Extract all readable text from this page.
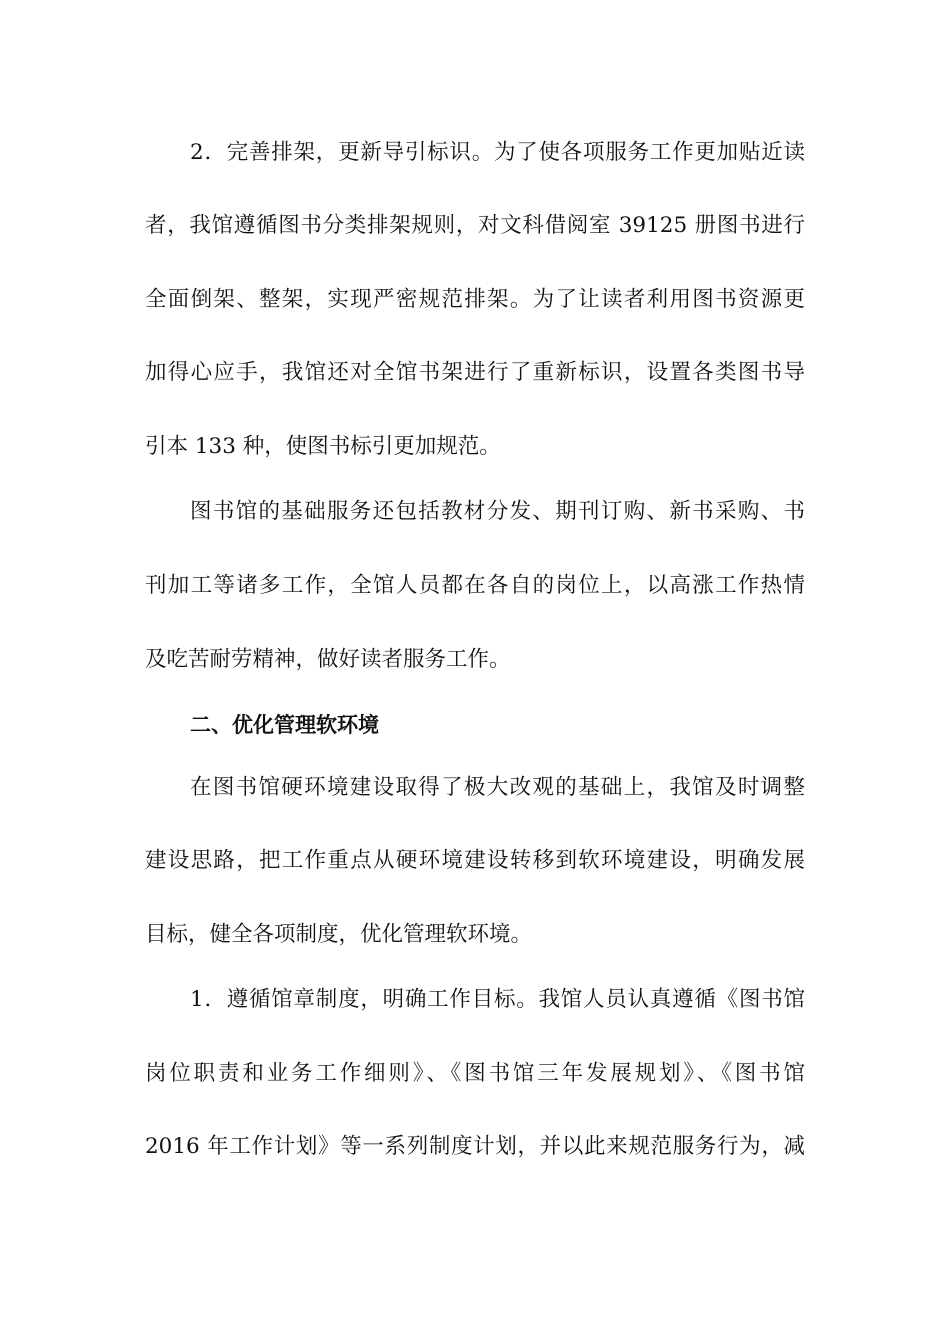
2．完善排架，更新导引标识。为了使各项服务工作更加贴近读
者，我馆遵循图书分类排架规则，对文科借阅室 39125 册图书进行
全面倒架、整架，实现严密规范排架。为了让读者利用图书资源更
加得心应手，我馆还对全馆书架进行了重新标识，设置各类图书导
引本 133 种，使图书标引更加规范。
图书馆的基础服务还包括教材分发、期刊订购、新书采购、书
刊加工等诸多工作，全馆人员都在各自的岗位上，以高涨工作热情
及吃苦耐劳精神，做好读者服务工作。
二、优化管理软环境
在图书馆硬环境建设取得了极大改观的基础上，我馆及时调整
建设思路，把工作重点从硬环境建设转移到软环境建设，明确发展
目标，健全各项制度，优化管理软环境。
1．遵循馆章制度，明确工作目标。我馆人员认真遵循《图书馆
岗位职责和业务工作细则》、《图书馆三年发展规划》、《图书馆
2016 年工作计划》等一系列制度计划，并以此来规范服务行为，减
